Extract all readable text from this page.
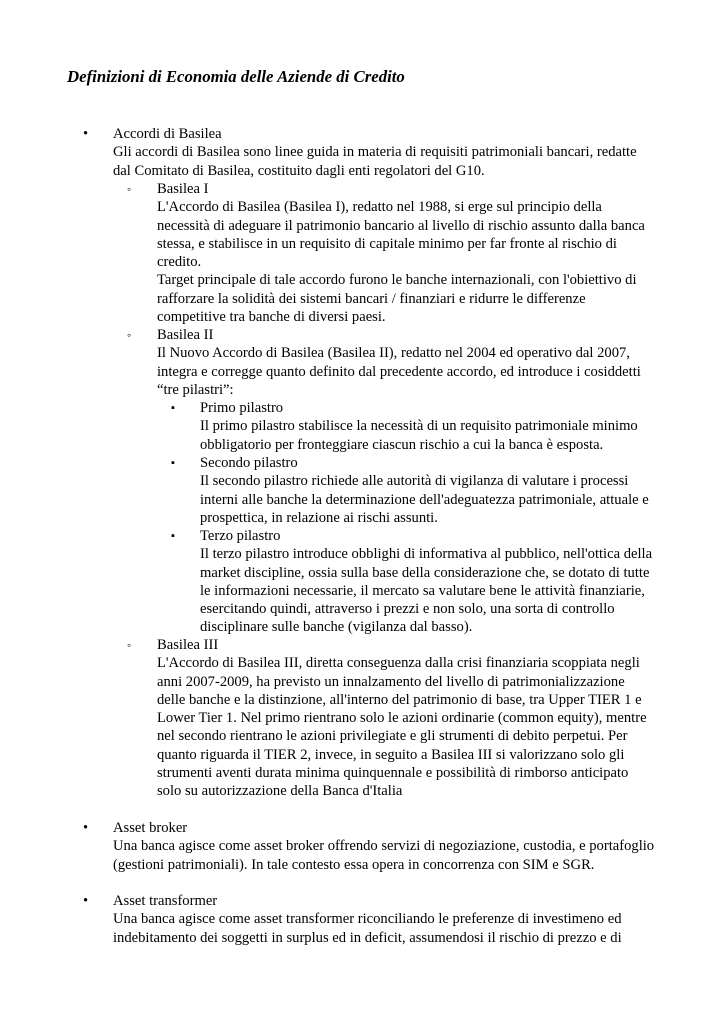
Definizioni di Economia delle Aziende di Credito
• Accordi di Basilea
Gli accordi di Basilea sono linee guida in materia di requisiti patrimoniali bancari, redatte
dal Comitato di Basilea, costituito dagli enti regolatori del G10.
◦ Basilea I
L'Accordo di Basilea (Basilea I), redatto nel 1988, si erge sul principio della
necessità di adeguare il patrimonio bancario al livello di rischio assunto dalla banca
stessa, e stabilisce in un requisito di capitale minimo per far fronte al rischio di
credito.
Target principale di tale accordo furono le banche internazionali, con l'obiettivo di
rafforzare la solidità dei sistemi bancari / finanziari e ridurre le differenze
competitive tra banche di diversi paesi.
◦ Basilea II
Il Nuovo Accordo di Basilea (Basilea II), redatto nel 2004 ed operativo dal 2007,
integra e corregge quanto definito dal precedente accordo, ed introduce i cosiddetti
“tre pilastri”:
▪ Primo pilastro
Il primo pilastro stabilisce la necessità di un requisito patrimoniale minimo
obbligatorio per fronteggiare ciascun rischio a cui la banca è esposta.
▪ Secondo pilastro
Il secondo pilastro richiede alle autorità di vigilanza di valutare i processi
interni alle banche la determinazione dell'adeguatezza patrimoniale, attuale e
prospettica, in relazione ai rischi assunti.
▪ Terzo pilastro
Il terzo pilastro introduce obblighi di informativa al pubblico, nell'ottica della
market discipline, ossia sulla base della considerazione che, se dotato di tutte
le informazioni necessarie, il mercato sa valutare bene le attività finanziarie,
esercitando quindi, attraverso i prezzi e non solo, una sorta di controllo
disciplinare sulle banche (vigilanza dal basso).
◦ Basilea III
L'Accordo di Basilea III, diretta conseguenza dalla crisi finanziaria scoppiata negli
anni 2007-2009, ha previsto un innalzamento del livello di patrimonializzazione
delle banche e la distinzione, all'interno del patrimonio di base, tra Upper TIER 1 e
Lower Tier 1. Nel primo rientrano solo le azioni ordinarie (common equity), mentre
nel secondo rientrano le azioni privilegiate e gli strumenti di debito perpetui. Per
quanto riguarda il TIER 2, invece, in seguito a Basilea III si valorizzano solo gli
strumenti aventi durata minima quinquennale e possibilità di rimborso anticipato
solo su autorizzazione della Banca d'Italia
• Asset broker
Una banca agisce come asset broker offrendo servizi di negoziazione, custodia, e portafoglio
(gestioni patrimoniali). In tale contesto essa opera in concorrenza con SIM e SGR.
• Asset transformer
Una banca agisce come asset transformer riconciliando le preferenze di investimeno ed
indebitamento dei soggetti in surplus ed in deficit, assumendosi il rischio di prezzo e di
